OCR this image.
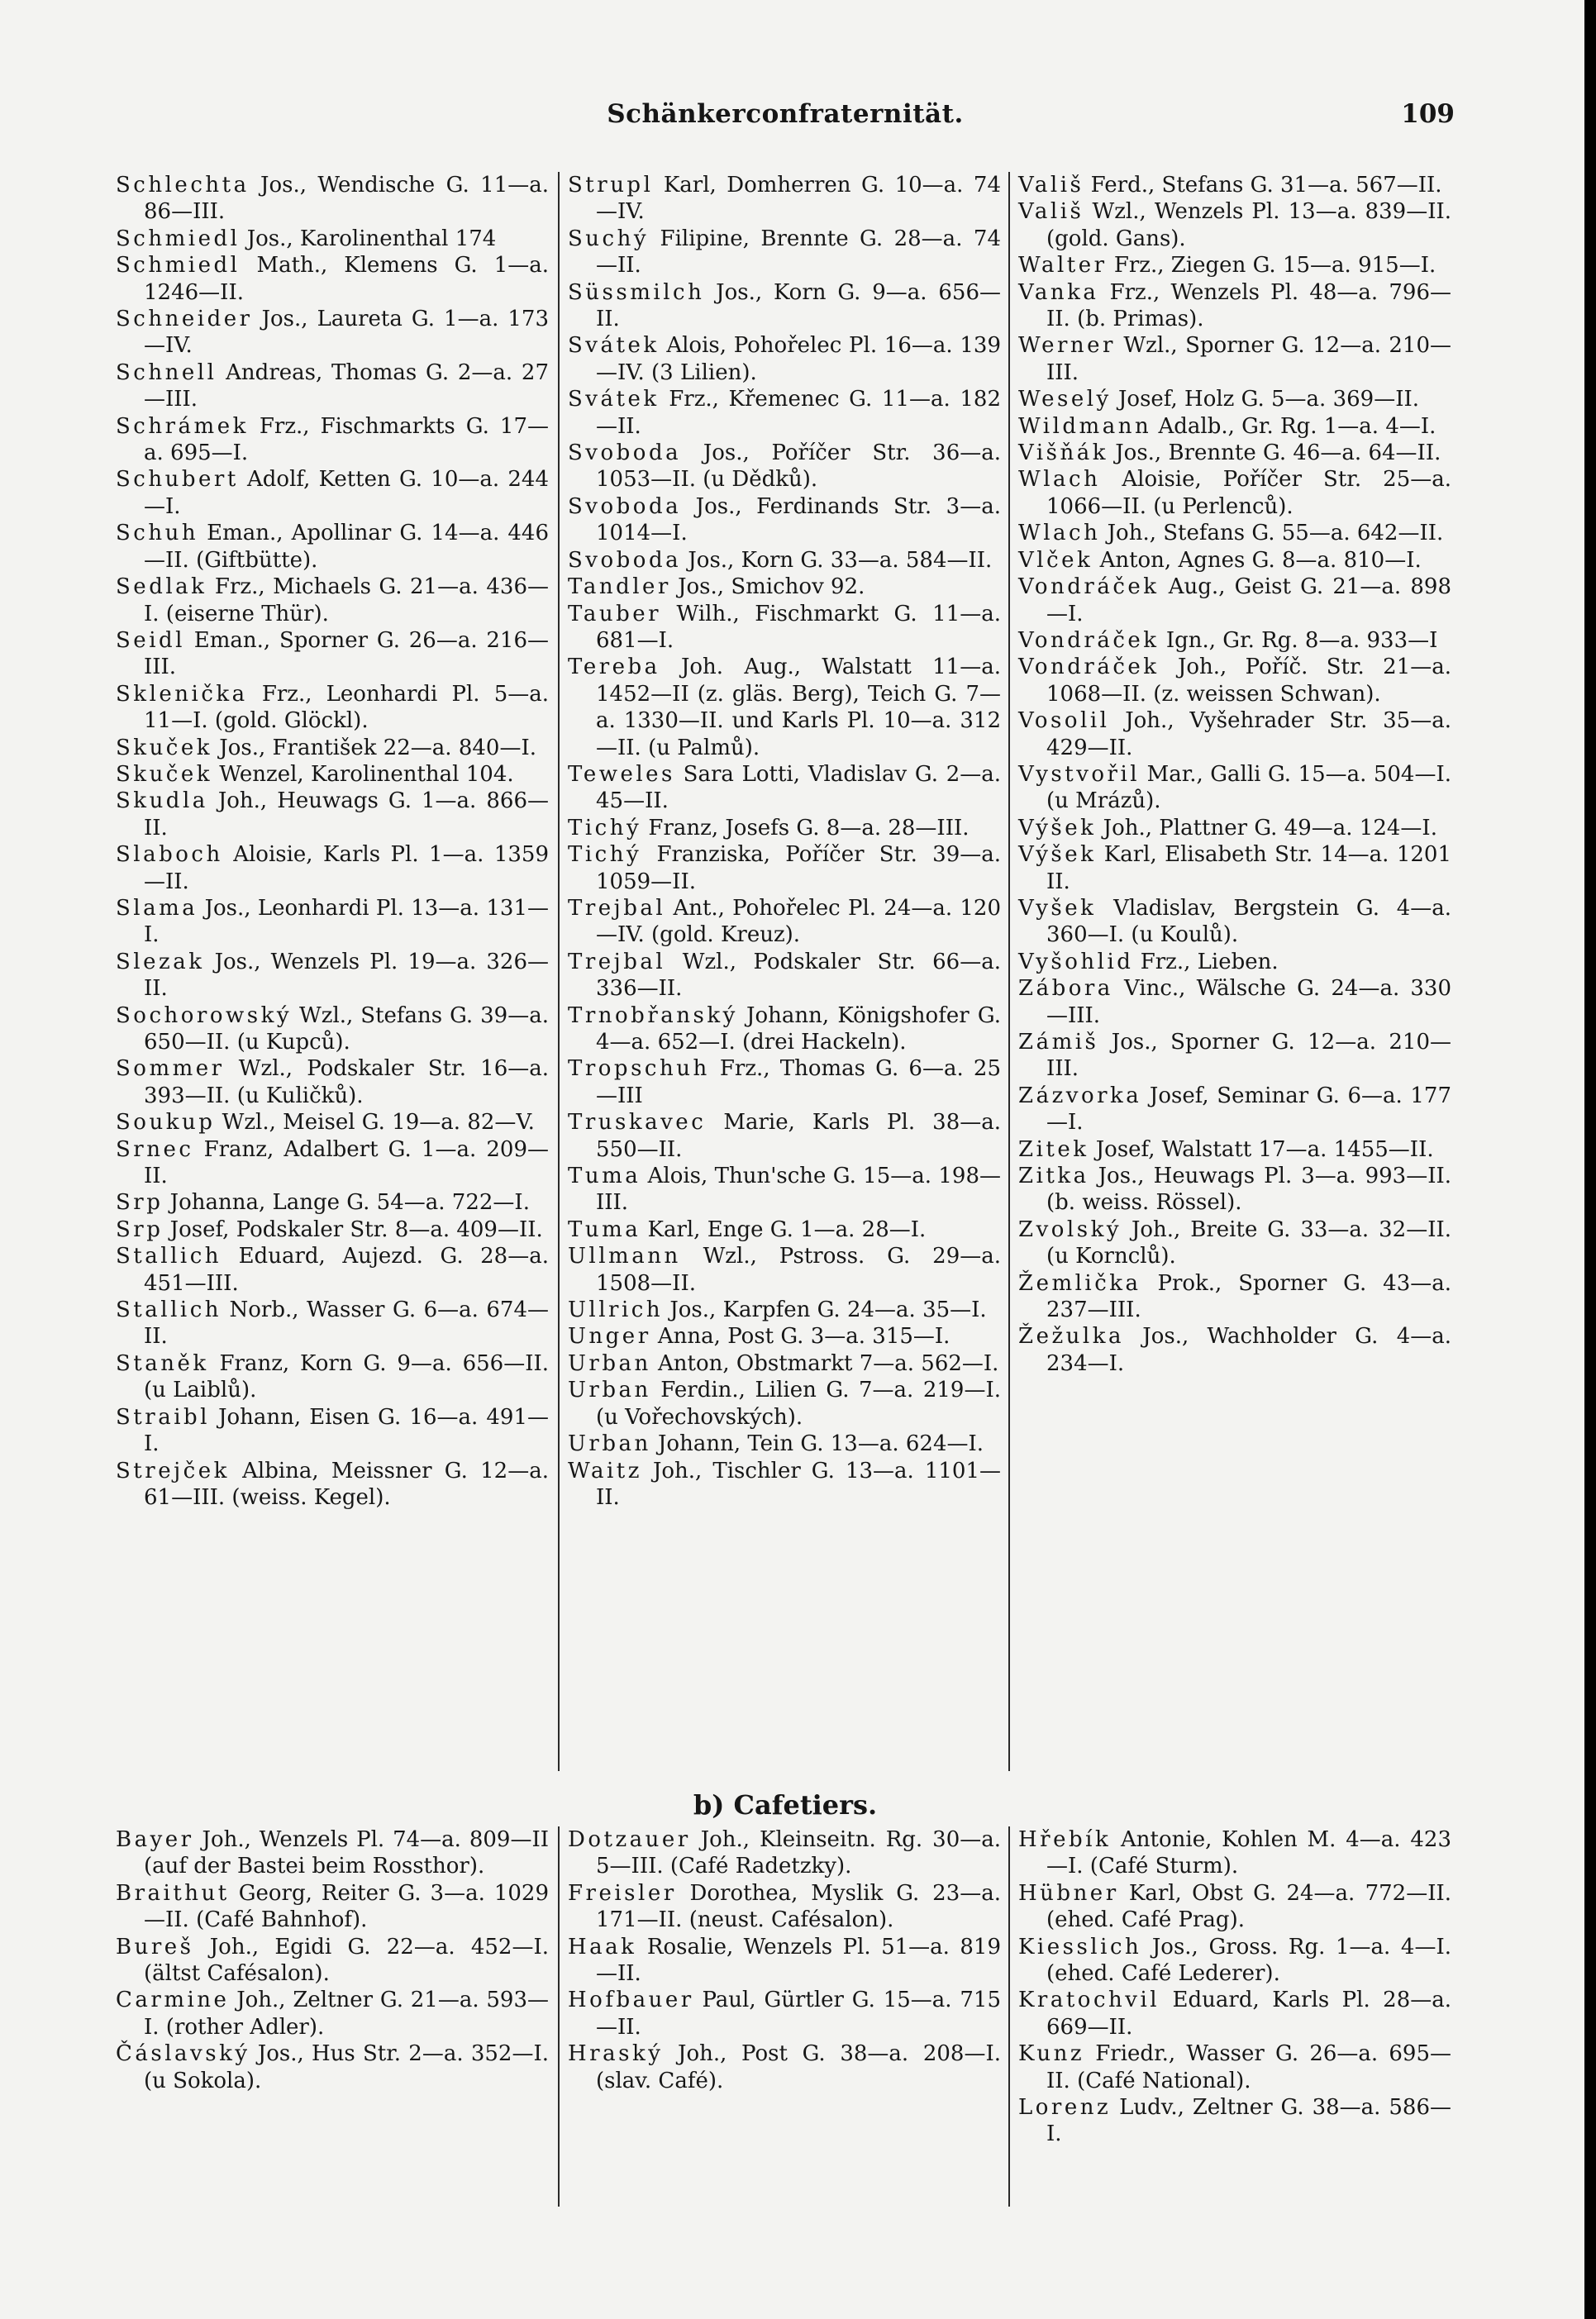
Schänkerconfraternität.	109

Schlechta Jos., Wendische G. 11—a. 86—III.

Schmiedl Jos., Karolinenthal 174

Schmiedl Math., Klemens G. 1—a. 1246—II.

Schneider Jos., Laureta G. 1—a. 173—IV.

Schnell Andreas, Thomas G. 2—a. 27—III.

Schrámek Frz., Fischmarkts G. 17—a. 695—I.

Schubert Adolf, Ketten G. 10—a. 244—I.

Schuh Eman., Apollinar G. 14—a. 446—II. (Giftbütte).

Sedlak Frz., Michaels G. 21—a. 436—I. (eiserne Thür).

Seidl Eman., Sporner G. 26—a. 216—III.

Sklenička Frz., Leonhardi Pl. 5—a. 11—I. (gold. Glöckl).

Skuček Jos., František 22—a. 840—I.

Skuček Wenzel, Karolinenthal 104.

Skudla Joh., Heuwags G. 1—a. 866—II.

Slaboch Aloisie, Karls Pl. 1—a. 1359—II.

Slama Jos., Leonhardi Pl. 13—a. 131—I.

Slezak Jos., Wenzels Pl. 19—a. 326—II.

Sochorowský Wzl., Stefans G. 39—a. 650—II. (u Kupců).

Sommer Wzl., Podskaler Str. 16—a. 393—II. (u Kuličků).

Soukup Wzl., Meisel G. 19—a. 82—V.

Srnec Franz, Adalbert G. 1—a. 209—II.

Srp Johanna, Lange G. 54—a. 722—I.

Srp Josef, Podskaler Str. 8—a. 409—II.

Stallich Eduard, Aujezd. G. 28—a. 451—III.

Stallich Norb., Wasser G. 6—a. 674—II.

Staněk Franz, Korn G. 9—a. 656—II. (u Laiblů).

Straibl Johann, Eisen G. 16—a. 491—I.

Strejček Albina, Meissner G. 12—a. 61—III. (weiss. Kegel).

Strupl Karl, Domherren G. 10—a. 74—IV.

Suchý Filipine, Brennte G. 28—a. 74—II.

Süssmilch Jos., Korn G. 9—a. 656—II.

Svátek Alois, Pohořelec Pl. 16—a. 139—IV. (3 Lilien).

Svátek Frz., Křemenec G. 11—a. 182—II.

Svoboda Jos., Poříčer Str. 36—a. 1053—II. (u Dědků).

Svoboda Jos., Ferdinands Str. 3—a. 1014—I.

Svoboda Jos., Korn G. 33—a. 584—II.

Tandler Jos., Smichov 92.

Tauber Wilh., Fischmarkt G. 11—a. 681—I.

Tereba Joh. Aug., Walstatt 11—a. 1452—II (z. gläs. Berg), Teich G. 7—a. 1330—II. und Karls Pl. 10—a. 312—II. (u Palmů).

Teweles Sara Lotti, Vladislav G. 2—a. 45—II.

Tichý Franz, Josefs G. 8—a. 28—III.

Tichý Franziska, Poříčer Str. 39—a. 1059—II.

Trejbal Ant., Pohořelec Pl. 24—a. 120—IV. (gold. Kreuz).

Trejbal Wzl., Podskaler Str. 66—a. 336—II.

Trnobřanský Johann, Königshofer G. 4—a. 652—I. (drei Hackeln).

Tropschuh Frz., Thomas G. 6—a. 25—III

Truskavec Marie, Karls Pl. 38—a. 550—II.

Tuma Alois, Thun'sche G. 15—a. 198—III.

Tuma Karl, Enge G. 1—a. 28—I.

Ullmann Wzl., Pstross. G. 29—a. 1508—II.

Ullrich Jos., Karpfen G. 24—a. 35—I.

Unger Anna, Post G. 3—a. 315—I.

Urban Anton, Obstmarkt 7—a. 562—I.

Urban Ferdin., Lilien G. 7—a. 219—I. (u Vořechovských).

Urban Johann, Tein G. 13—a. 624—I.

Waitz Joh., Tischler G. 13—a. 1101—II.

Vališ Ferd., Stefans G. 31—a. 567—II.

Vališ Wzl., Wenzels Pl. 13—a. 839—II. (gold. Gans).

Walter Frz., Ziegen G. 15—a. 915—I.

Vanka Frz., Wenzels Pl. 48—a. 796—II. (b. Primas).

Werner Wzl., Sporner G. 12—a. 210—III.

Weselý Josef, Holz G. 5—a. 369—II.

Wildmann Adalb., Gr. Rg. 1—a. 4—I.

Višňák Jos., Brennte G. 46—a. 64—II.

Wlach Aloisie, Poříčer Str. 25—a. 1066—II. (u Perlenců).

Wlach Joh., Stefans G. 55—a. 642—II.

Vlček Anton, Agnes G. 8—a. 810—I.

Vondráček Aug., Geist G. 21—a. 898—I.

Vondráček Ign., Gr. Rg. 8—a. 933—I

Vondráček Joh., Poříč. Str. 21—a. 1068—II. (z. weissen Schwan).

Vosolil Joh., Vyšehrader Str. 35—a. 429—II.

Vystvořil Mar., Galli G. 15—a. 504—I. (u Mrázů).

Výšek Joh., Plattner G. 49—a. 124—I.

Výšek Karl, Elisabeth Str. 14—a. 1201 II.

Vyšek Vladislav, Bergstein G. 4—a. 360—I. (u Koulů).

Vyšohlid Frz., Lieben.

Zábora Vinc., Wälsche G. 24—a. 330—III.

Zámiš Jos., Sporner G. 12—a. 210—III.

Zázvorka Josef, Seminar G. 6—a. 177—I.

Zitek Josef, Walstatt 17—a. 1455—II.

Zitka Jos., Heuwags Pl. 3—a. 993—II. (b. weiss. Rössel).

Zvolský Joh., Breite G. 33—a. 32—II. (u Kornclů).

Žemlička Prok., Sporner G. 43—a. 237—III.

Žežulka Jos., Wachholder G. 4—a. 234—I.

b) Cafetiers.

Bayer Joh., Wenzels Pl. 74—a. 809—II (auf der Bastei beim Rossthor).

Braithut Georg, Reiter G. 3—a. 1029—II. (Café Bahnhof).

Bureš Joh., Egidi G. 22—a. 452—I. (ältst Cafésalon).

Carmine Joh., Zeltner G. 21—a. 593—I. (rother Adler).

Čáslavský Jos., Hus Str. 2—a. 352—I. (u Sokola).

Dotzauer Joh., Kleinseitn. Rg. 30—a. 5—III. (Café Radetzky).

Freisler Dorothea, Myslik G. 23—a. 171—II. (neust. Cafésalon).

Haak Rosalie, Wenzels Pl. 51—a. 819—II.

Hofbauer Paul, Gürtler G. 15—a. 715—II.

Hraský Joh., Post G. 38—a. 208—I. (slav. Café).

Hřebík Antonie, Kohlen M. 4—a. 423—I. (Café Sturm).

Hübner Karl, Obst G. 24—a. 772—II. (ehed. Café Prag).

Kiesslich Jos., Gross. Rg. 1—a. 4—I. (ehed. Café Lederer).

Kratochvil Eduard, Karls Pl. 28—a. 669—II.

Kunz Friedr., Wasser G. 26—a. 695—II. (Café National).

Lorenz Ludv., Zeltner G. 38—a. 586—I.
